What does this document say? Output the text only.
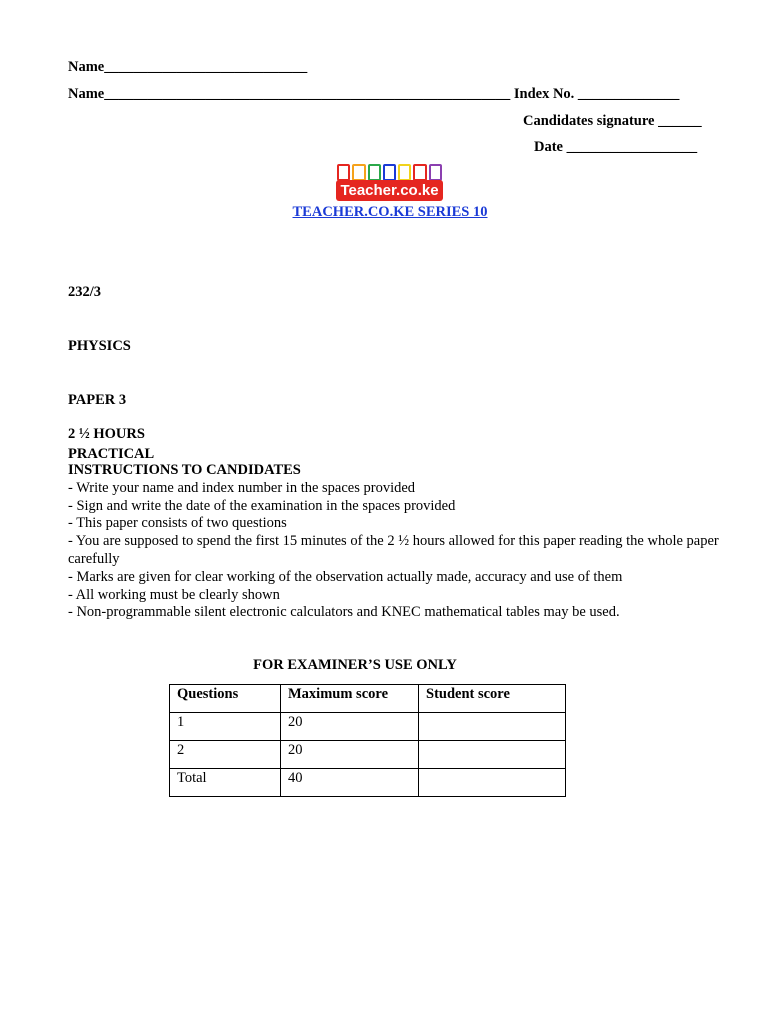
Name____________________________
Name________________________________________________________ Index No. ______________
Candidates signature ______
Date __________________
Teacher.co.ke
TEACHER.CO.KE SERIES 10

232/3

PHYSICS

PAPER 3

PRACTICAL

2 ½ HOURS
INSTRUCTIONS TO CANDIDATES
- Write your name and index number in the spaces provided
- Sign and write the date of the examination in the spaces provided
- This paper consists of two questions
- You are supposed to spend the first 15 minutes of the 2 ½ hours allowed for this paper reading the whole paper carefully
- Marks are given for clear working of the observation actually made, accuracy and use of them
- All working must be clearly shown
- Non-programmable silent electronic calculators and KNEC mathematical tables may be used.
FOR EXAMINER’S USE ONLY
Questions	Maximum score	Student score
1	20	
2	20	
Total	40	
